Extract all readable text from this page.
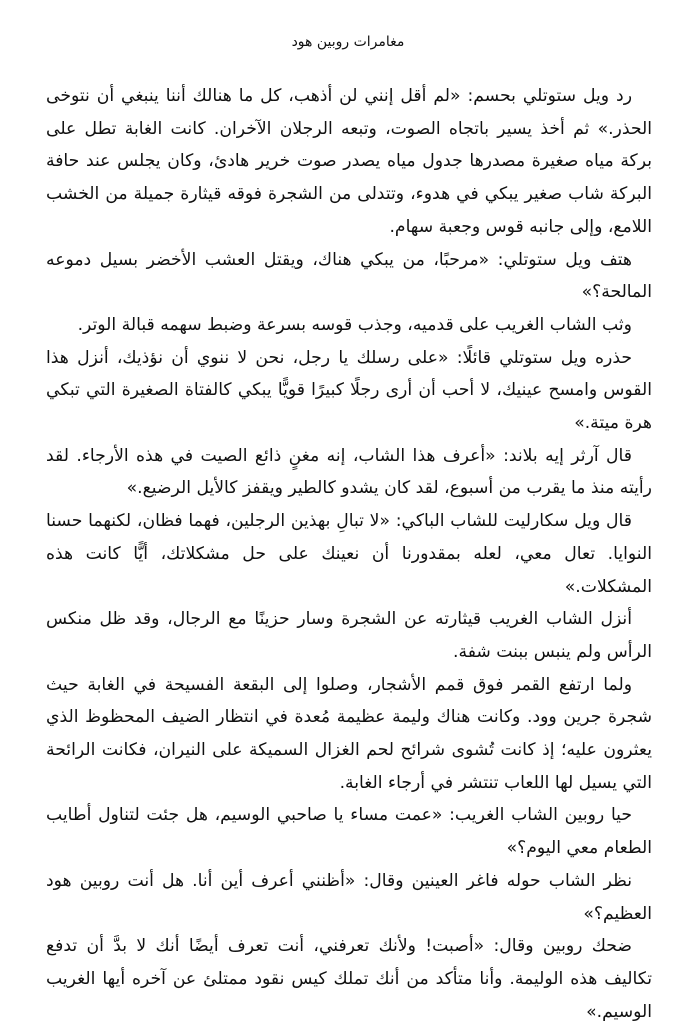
مغامرات روبين هود

رد ويل ستوتلي بحسم: «لم أقل إنني لن أذهب، كل ما هنالك أننا ينبغي أن نتوخى الحذر.» ثم أخذ يسير باتجاه الصوت، وتبعه الرجلان الآخران. كانت الغابة تطل على بركة مياه صغيرة مصدرها جدول مياه يصدر صوت خرير هادئ، وكان يجلس عند حافة البركة شاب صغير يبكي في هدوء، وتتدلى من الشجرة فوقه قيثارة جميلة من الخشب اللامع، وإلى جانبه قوس وجعبة سهام.

هتف ويل ستوتلي: «مرحبًا، من يبكي هناك، ويقتل العشب الأخضر بسيل دموعه المالحة؟»

وثب الشاب الغريب على قدميه، وجذب قوسه بسرعة وضبط سهمه قبالة الوتر.

حذره ويل ستوتلي قائلًا: «على رسلك يا رجل، نحن لا ننوي أن نؤذيك، أنزل هذا القوس وامسح عينيك، لا أحب أن أرى رجلًا كبيرًا قويًّا يبكي كالفتاة الصغيرة التي تبكي هرة ميتة.»

قال آرثر إيه بلاند: «أعرف هذا الشاب، إنه مغنٍ ذائع الصيت في هذه الأرجاء. لقد رأيته منذ ما يقرب من أسبوع، لقد كان يشدو كالطير ويقفز كالأيل الرضيع.»

قال ويل سكارليت للشاب الباكي: «لا تبالِ بهذين الرجلين، فهما فظان، لكنهما حسنا النوايا. تعال معي، لعله بمقدورنا أن نعينك على حل مشكلاتك، أيًّا كانت هذه المشكلات.»

أنزل الشاب الغريب قيثارته عن الشجرة وسار حزينًا مع الرجال، وقد ظل منكس الرأس ولم ينبس ببنت شفة.

ولما ارتفع القمر فوق قمم الأشجار، وصلوا إلى البقعة الفسيحة في الغابة حيث شجرة جرين وود. وكانت هناك وليمة عظيمة مُعدة في انتظار الضيف المحظوظ الذي يعثرون عليه؛ إذ كانت تُشوى شرائح لحم الغزال السميكة على النيران، فكانت الرائحة التي يسيل لها اللعاب تنتشر في أرجاء الغابة.

حيا روبين الشاب الغريب: «عمت مساء يا صاحبي الوسيم، هل جئت لتناول أطايب الطعام معي اليوم؟»

نظر الشاب حوله فاغر العينين وقال: «أظنني أعرف أين أنا. هل أنت روبين هود العظيم؟»

ضحك روبين وقال: «أصبت! ولأنك تعرفني، أنت تعرف أيضًا أنك لا بدَّ أن تدفع تكاليف هذه الوليمة. وأنا متأكد من أنك تملك كيس نقود ممتلئ عن آخره أيها الغريب الوسيم.»
